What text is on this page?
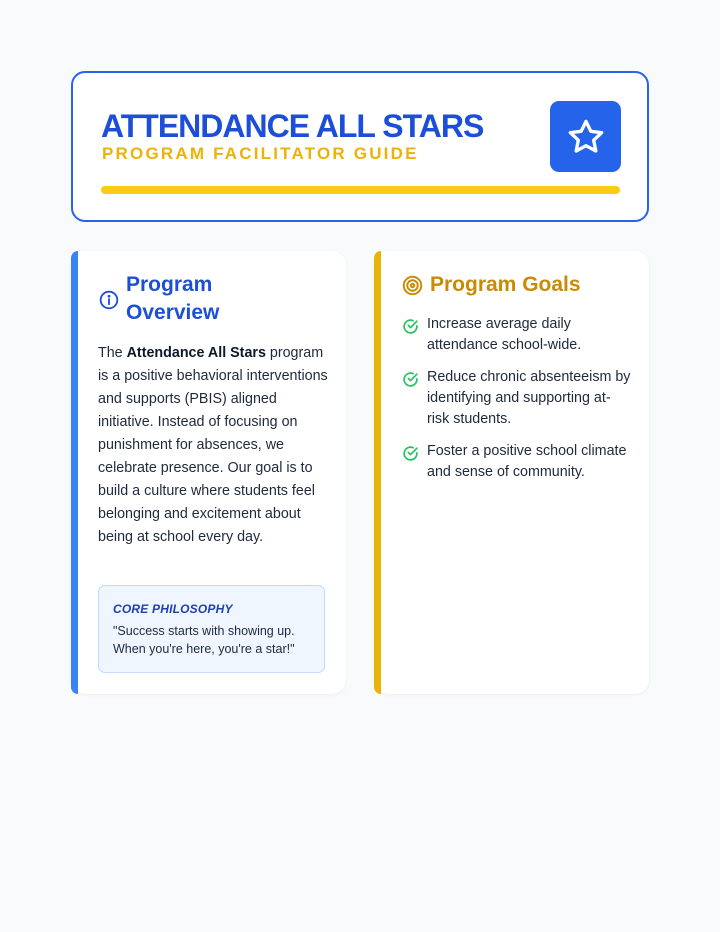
ATTENDANCE ALL STARS
PROGRAM FACILITATOR GUIDE
Program Overview

The Attendance All Stars program is a positive behavioral interventions and supports (PBIS) aligned initiative. Instead of focusing on punishment for absences, we celebrate presence. Our goal is to build a culture where students feel belonging and excitement about being at school every day.

CORE PHILOSOPHY
"Success starts with showing up. When you're here, you're a star!"
Program Goals
Increase average daily attendance school-wide.
Reduce chronic absenteeism by identifying and supporting at-risk students.
Foster a positive school climate and sense of community.
